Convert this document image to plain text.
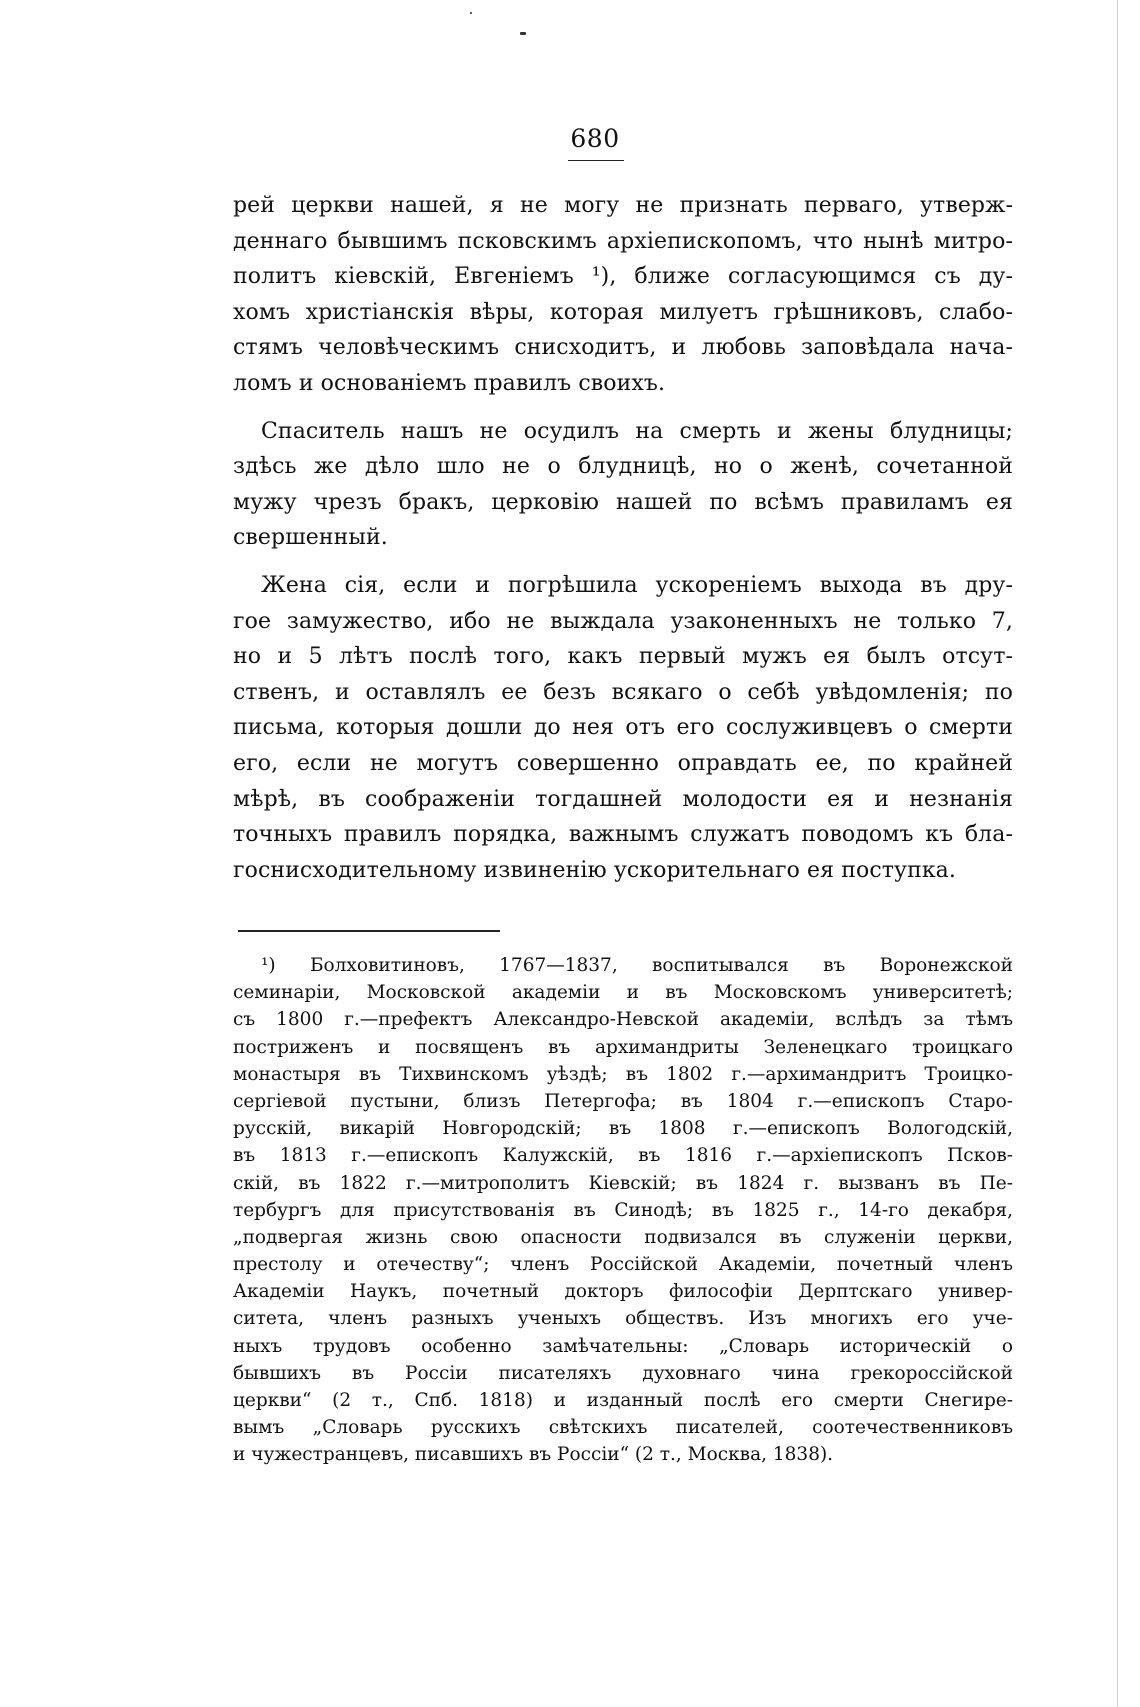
680
рей церкви нашей, я не могу не признать перваго, утверж-
деннаго бывшимъ псковскимъ архіепископомъ, что нынѣ митро-
политъ кіевскій, Евгеніемъ ¹), ближе согласующимся съ ду-
хомъ христіанскія вѣры, которая милуетъ грѣшниковъ, слабо-
стямъ человѣческимъ снисходитъ, и любовь заповѣдала нача-
ломъ и основаніемъ правилъ своихъ.
Спаситель нашъ не осудилъ на смерть и жены блудницы;
здѣсь же дѣло шло не о блудницѣ, но о женѣ, сочетанной
мужу чрезъ бракъ, церковію нашей по всѣмъ правиламъ ея
свершенный.
Жена сія, если и погрѣшила ускореніемъ выхода въ дру-
гое замужество, ибо не выждала узаконенныхъ не только 7,
но и 5 лѣтъ послѣ того, какъ первый мужъ ея былъ отсут-
ственъ, и оставлялъ ее безъ всякаго о себѣ увѣдомленія; по
письма, которыя дошли до нея отъ его сослуживцевъ о смерти
его, если не могутъ совершенно оправдать ее, по крайней
мѣрѣ, въ соображеніи тогдашней молодости ея и незнанія
точныхъ правилъ порядка, важнымъ служатъ поводомъ къ бла-
госнисходительному извиненію ускорительнаго ея поступка.
¹) Болховитиновъ, 1767—1837, воспитывался въ Воронежской
семинаріи, Московской академіи и въ Московскомъ университетѣ;
съ 1800 г.—префектъ Александро-Невской академіи, вслѣдъ за тѣмъ
постриженъ и посвященъ въ архимандриты Зеленецкаго троицкаго
монастыря въ Тихвинскомъ уѣздѣ; въ 1802 г.—архимандритъ Троицко-
сергіевой пустыни, близъ Петергофа; въ 1804 г.—епископъ Старо-
русскій, викарій Новгородскій; въ 1808 г.—епископъ Вологодскій,
въ 1813 г.—епископъ Калужскій, въ 1816 г.—архіепископъ Псков-
скій, въ 1822 г.—митрополитъ Кіевскій; въ 1824 г. вызванъ въ Пе-
тербургъ для присутствованія въ Синодѣ; въ 1825 г., 14-го декабря,
„подвергая жизнь свою опасности подвизался въ служеніи церкви,
престолу и отечеству“; членъ Россійской Академіи, почетный членъ
Академіи Наукъ, почетный докторъ философіи Дерптскаго универ-
ситета, членъ разныхъ ученыхъ обществъ. Изъ многихъ его уче-
ныхъ трудовъ особенно замѣчательны: „Словарь историческій о
бывшихъ въ Россіи писателяхъ духовнаго чина грекороссійской
церкви“ (2 т., Спб. 1818) и изданный послѣ его смерти Снегире-
вымъ „Словарь русскихъ свѣтскихъ писателей, соотечественниковъ
и чужестранцевъ, писавшихъ въ Россіи“ (2 т., Москва, 1838).
